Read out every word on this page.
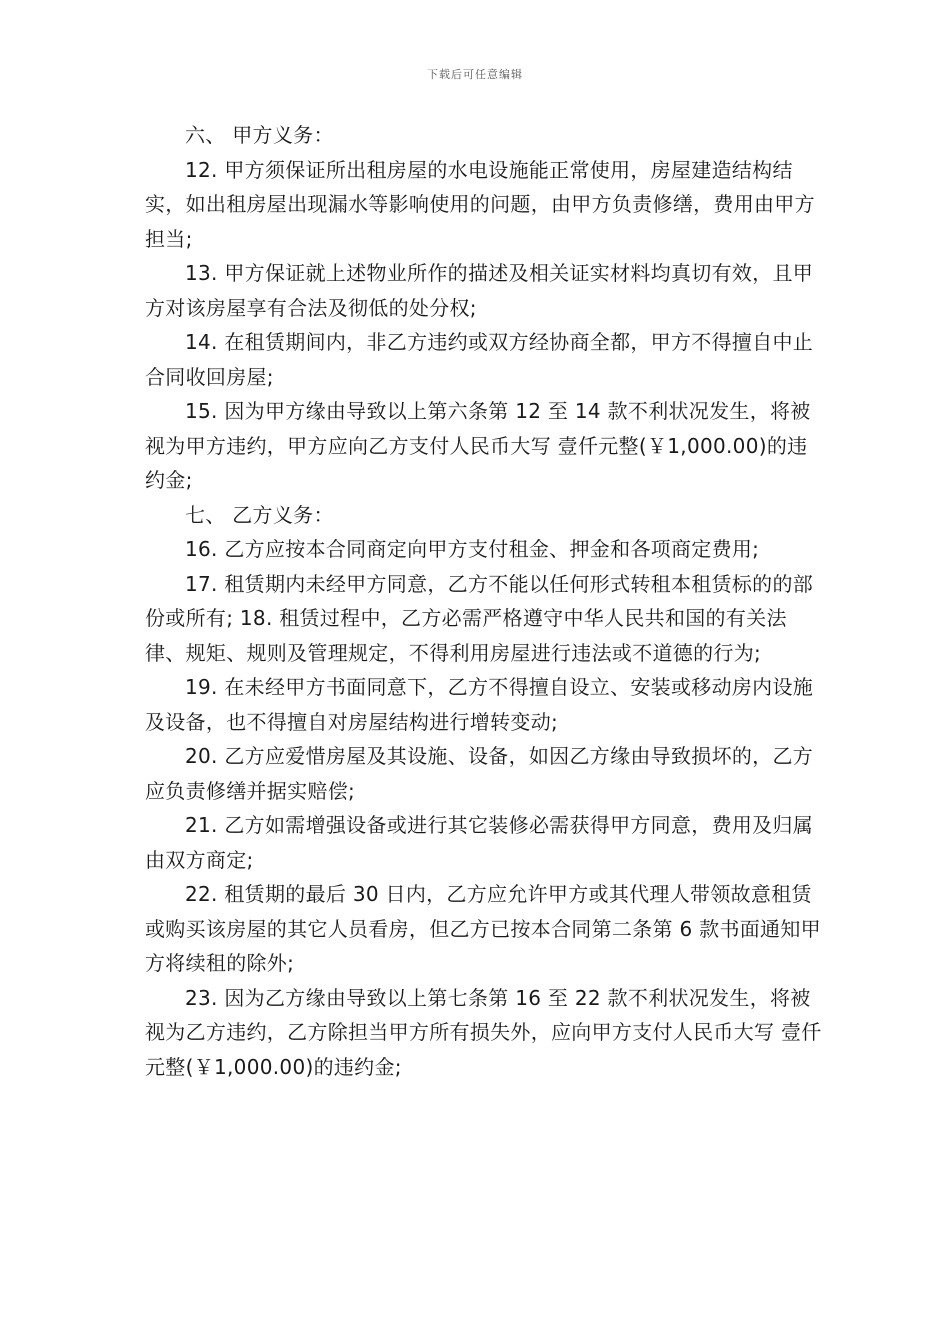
下载后可任意编辑

六、 甲方义务：

12. 甲方须保证所出租房屋的水电设施能正常使用，房屋建造结构结实，如出租房屋出现漏水等影响使用的问题，由甲方负责修缮，费用由甲方担当;

13. 甲方保证就上述物业所作的描述及相关证实材料均真切有效，且甲方对该房屋享有合法及彻低的处分权;

14. 在租赁期间内，非乙方违约或双方经协商全都，甲方不得擅自中止合同收回房屋;

15. 因为甲方缘由导致以上第六条第 12 至 14 款不利状况发生，将被视为甲方违约，甲方应向乙方支付人民币大写 壹仟元整(￥1,000.00)的违约金;

七、 乙方义务：

16. 乙方应按本合同商定向甲方支付租金、押金和各项商定费用;

17. 租赁期内未经甲方同意，乙方不能以任何形式转租本租赁标的的部份或所有; 18. 租赁过程中，乙方必需严格遵守中华人民共和国的有关法律、规矩、规则及管理规定，不得利用房屋进行违法或不道德的行为;

19. 在未经甲方书面同意下，乙方不得擅自设立、安装或移动房内设施及设备，也不得擅自对房屋结构进行增转变动;

20. 乙方应爱惜房屋及其设施、设备，如因乙方缘由导致损坏的，乙方应负责修缮并据实赔偿;

21. 乙方如需增强设备或进行其它装修必需获得甲方同意，费用及归属由双方商定;

22. 租赁期的最后 30 日内，乙方应允许甲方或其代理人带领故意租赁或购买该房屋的其它人员看房，但乙方已按本合同第二条第 6 款书面通知甲方将续租的除外;

23. 因为乙方缘由导致以上第七条第 16 至 22 款不利状况发生，将被视为乙方违约，乙方除担当甲方所有损失外，应向甲方支付人民币大写 壹仟元整(￥1,000.00)的违约金;
